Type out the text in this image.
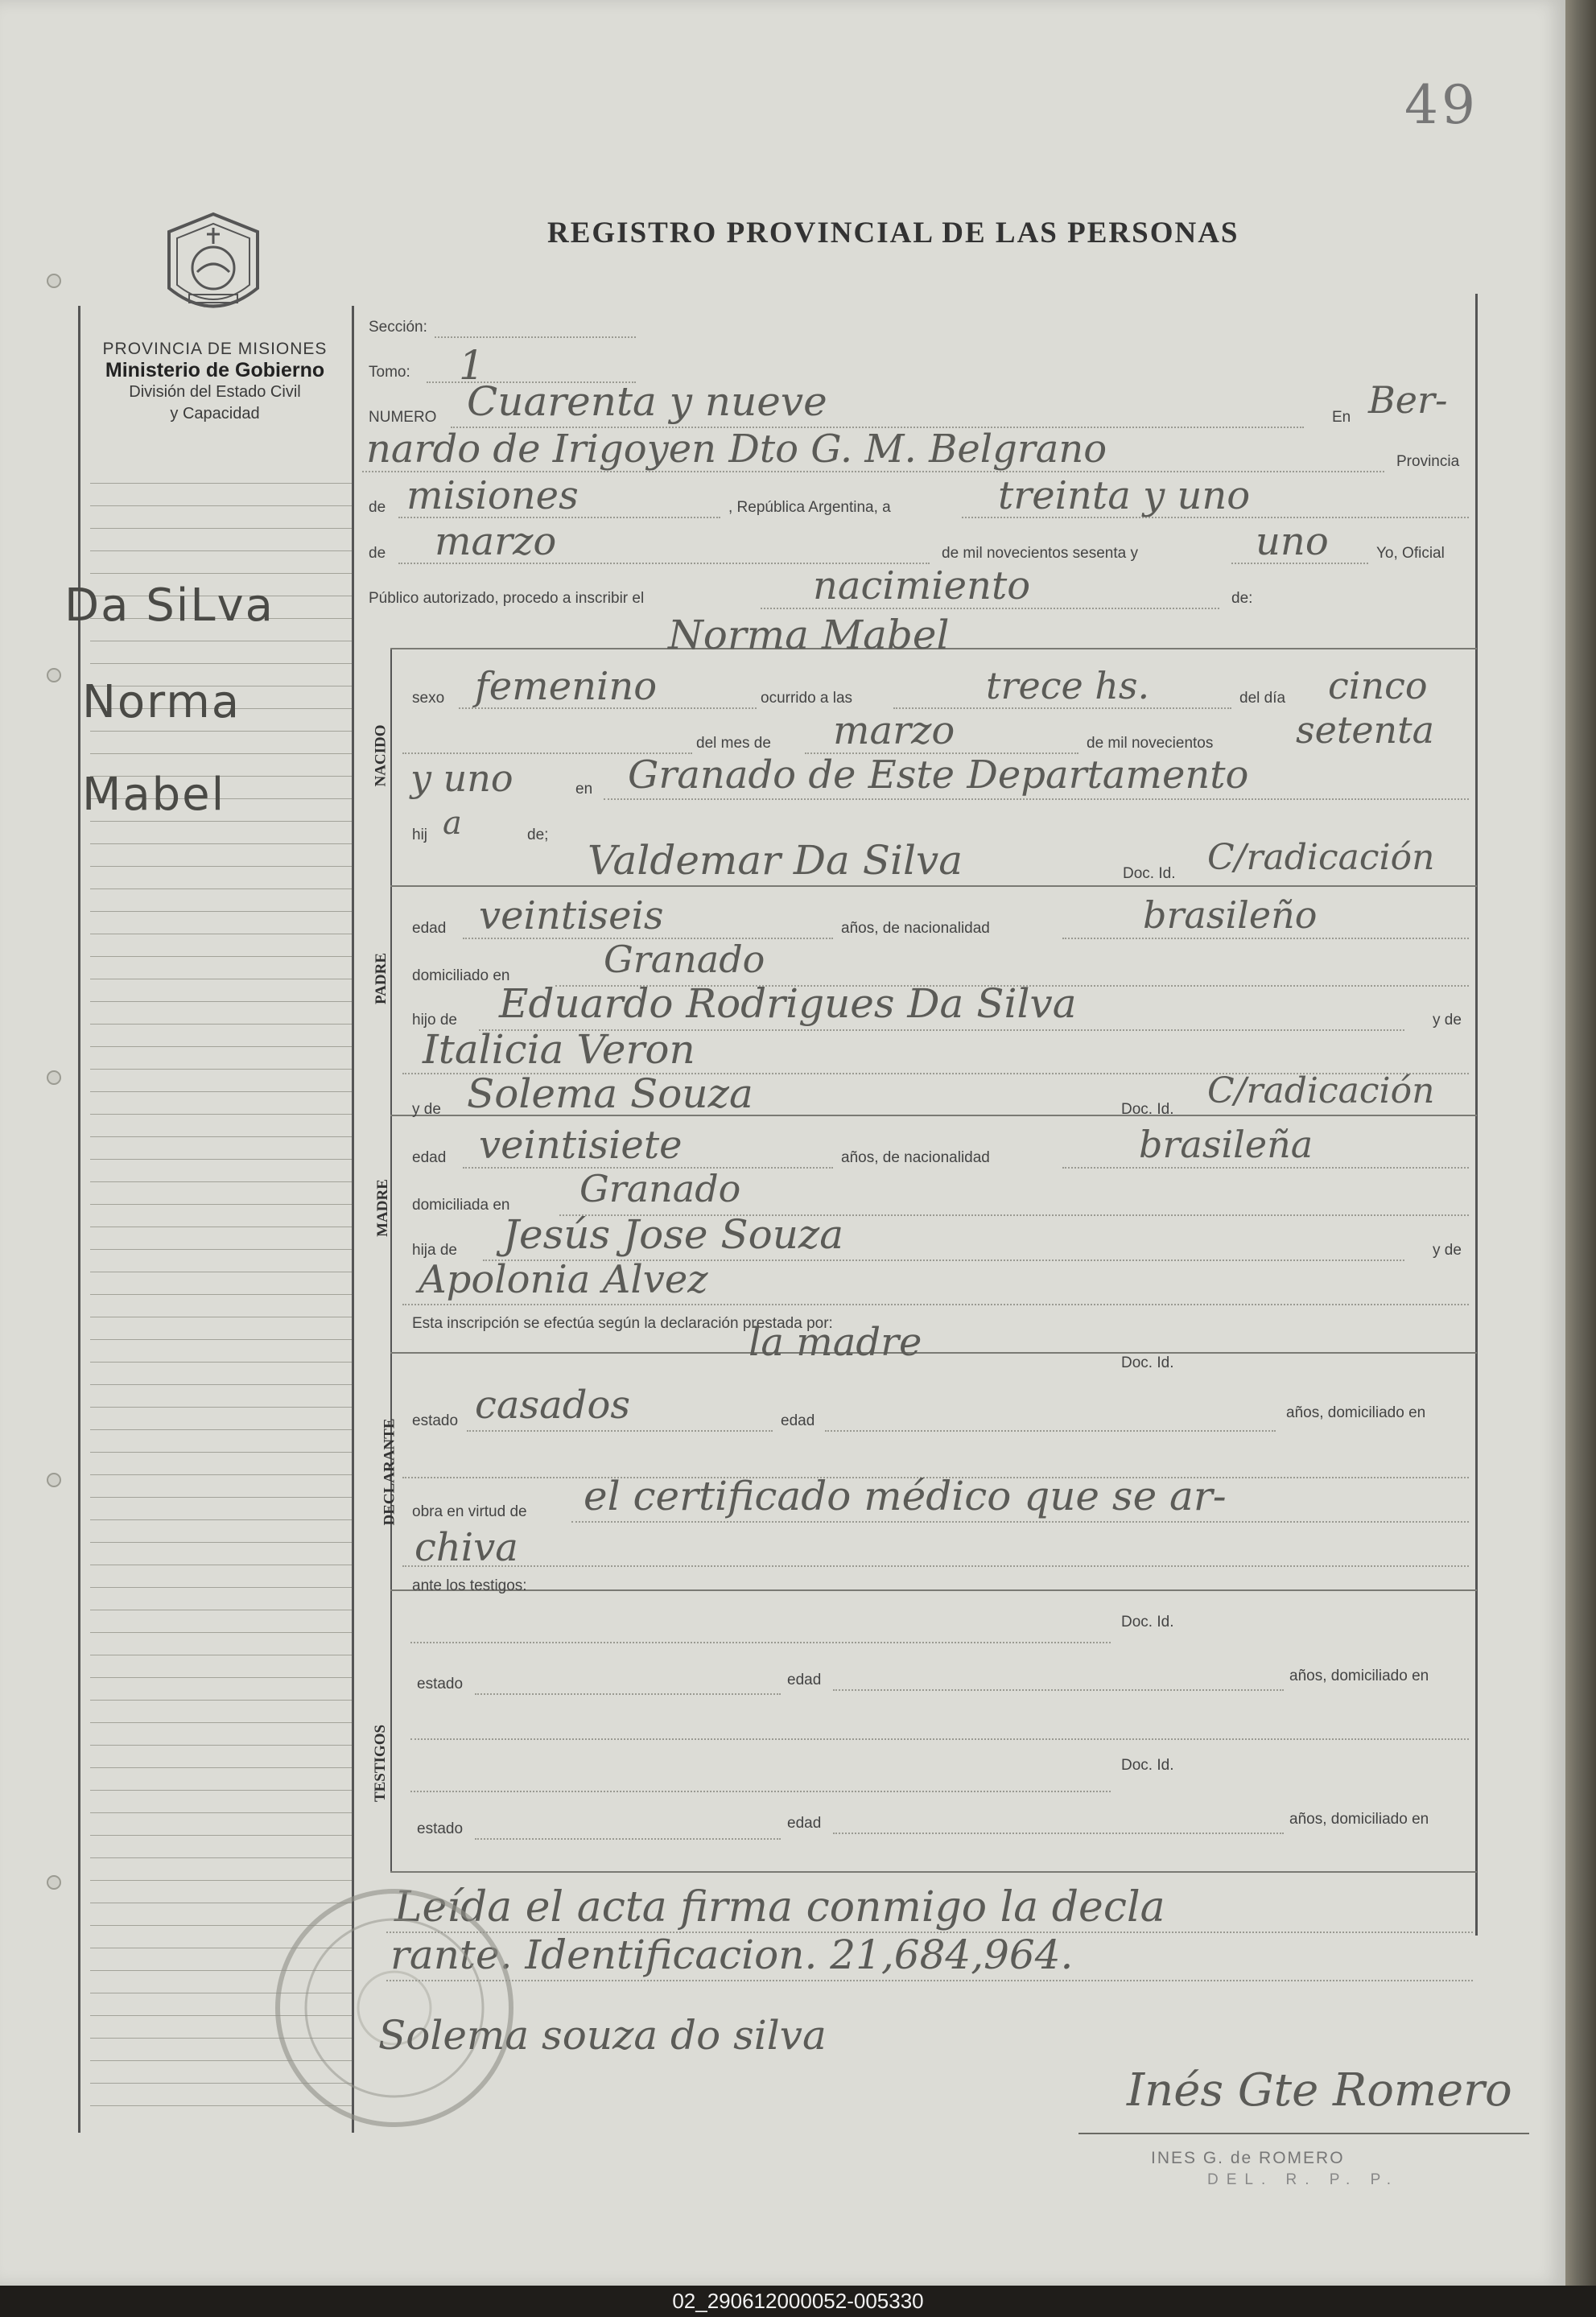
49
REGISTRO PROVINCIAL DE LAS PERSONAS
PROVINCIA DE MISIONES
Ministerio de Gobierno
División del Estado Civil
y Capacidad
Da SiLva
Norma
Mabel
NACIDO
PADRE
MADRE
DECLARANTE
TESTIGOS
Sección:
Tomo: 1
NUMERO Cuarenta y nueve	En Ber-
nardo de Irigoyen Dto G. M. Belgrano	Provincia
de misiones	, República Argentina, a	treinta y uno
de marzo	de mil novecientos sesenta y	uno	Yo, Oficial
Público autorizado, procedo a inscribir el	nacimiento	de:
Norma Mabel
sexo femenino	ocurrido a las	trece hs.	del día cinco
del mes de marzo	de mil novecientos setenta
y uno	en Granado de Este Departamento
hij a	de;
Valdemar Da Silva	Doc. Id. C/radicación
edad veintiseis	años, de nacionalidad	brasileño
domiciliado en	Granado
hijo de Eduardo Rodrigues Da Silva	y de
Italicia Veron
y de Solema Souza	Doc. Id. C/radicación
edad veintisiete	años, de nacionalidad	brasileña
domiciliada en Granado
hija de Jesús Jose Souza	y de
Apolonia Alvez
Esta inscripción se efectúa según la declaración prestada por:
la madre	Doc. Id.
estado casados	edad	años, domiciliado en
obra en virtud de el certificado médico que se ar-
chiva
ante los testigos:
Doc. Id.
estado	edad	años, domiciliado en
Doc. Id.
estado	edad	años, domiciliado en
Leída el acta firma conmigo la decla
rante. Identificacion. 21,684,964.
Solema souza do silva
Inés Gte Romero
INES G. de ROMERO
DEL. R. P. P.
02_290612000052-005330
